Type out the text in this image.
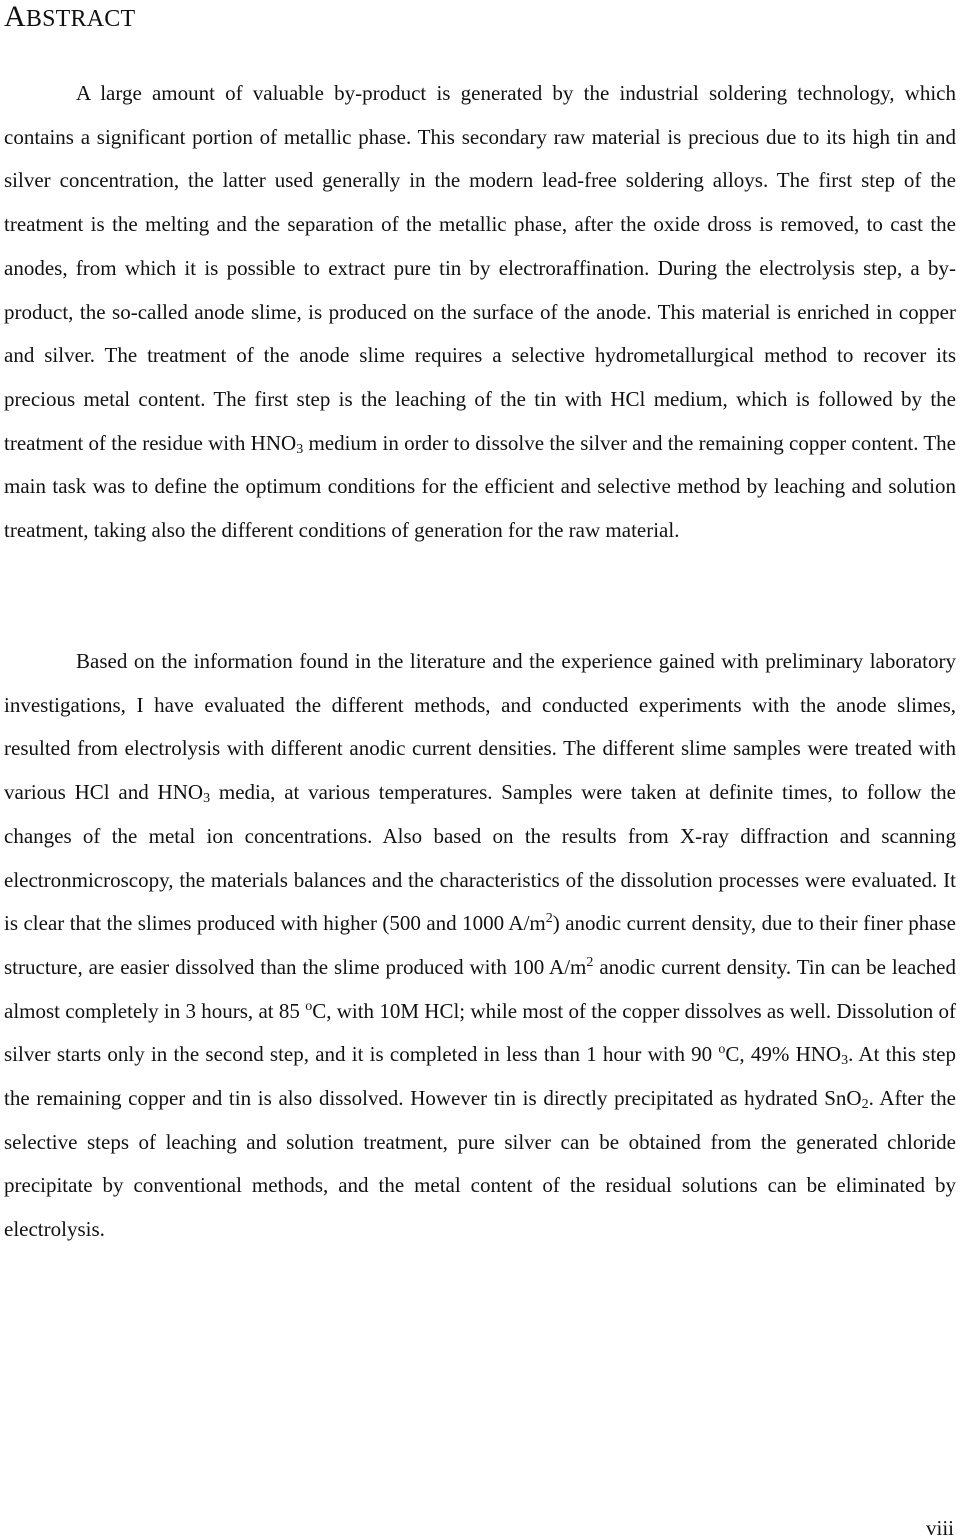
ABSTRACT

A large amount of valuable by-product is generated by the industrial soldering technology, which contains a significant portion of metallic phase. This secondary raw material is precious due to its high tin and silver concentration, the latter used generally in the modern lead-free soldering alloys. The first step of the treatment is the melting and the separation of the metallic phase, after the oxide dross is removed, to cast the anodes, from which it is possible to extract pure tin by electroraffination. During the electrolysis step, a by-product, the so-called anode slime, is produced on the surface of the anode. This material is enriched in copper and silver. The treatment of the anode slime requires a selective hydrometallurgical method to recover its precious metal content. The first step is the leaching of the tin with HCl medium, which is followed by the treatment of the residue with $HNO_3$ medium in order to dissolve the silver and the remaining copper content. The main task was to define the optimum conditions for the efficient and selective method by leaching and solution treatment, taking also the different conditions of generation for the raw material.

Based on the information found in the literature and the experience gained with preliminary laboratory investigations, I have evaluated the different methods, and conducted experiments with the anode slimes, resulted from electrolysis with different anodic current densities. The different slime samples were treated with various HCl and $HNO_3$ media, at various temperatures. Samples were taken at definite times, to follow the changes of the metal ion concentrations. Also based on the results from X-ray diffraction and scanning electronmicroscopy, the materials balances and the characteristics of the dissolution processes were evaluated. It is clear that the slimes produced with higher (500 and 1000 $A/m^2$) anodic current density, due to their finer phase structure, are easier dissolved than the slime produced with 100 $A/m^2$ anodic current density. Tin can be leached almost completely in 3 hours, at 85 $^o$C, with 10M HCl; while most of the copper dissolves as well. Dissolution of silver starts only in the second step, and it is completed in less than 1 hour with 90 $^o$C, 49% $HNO_3$. At this step the remaining copper and tin is also dissolved. However tin is directly precipitated as hydrated SnO$_2$. After the selective steps of leaching and solution treatment, pure silver can be obtained from the generated chloride precipitate by conventional methods, and the metal content of the residual solutions can be eliminated by electrolysis.

viii
